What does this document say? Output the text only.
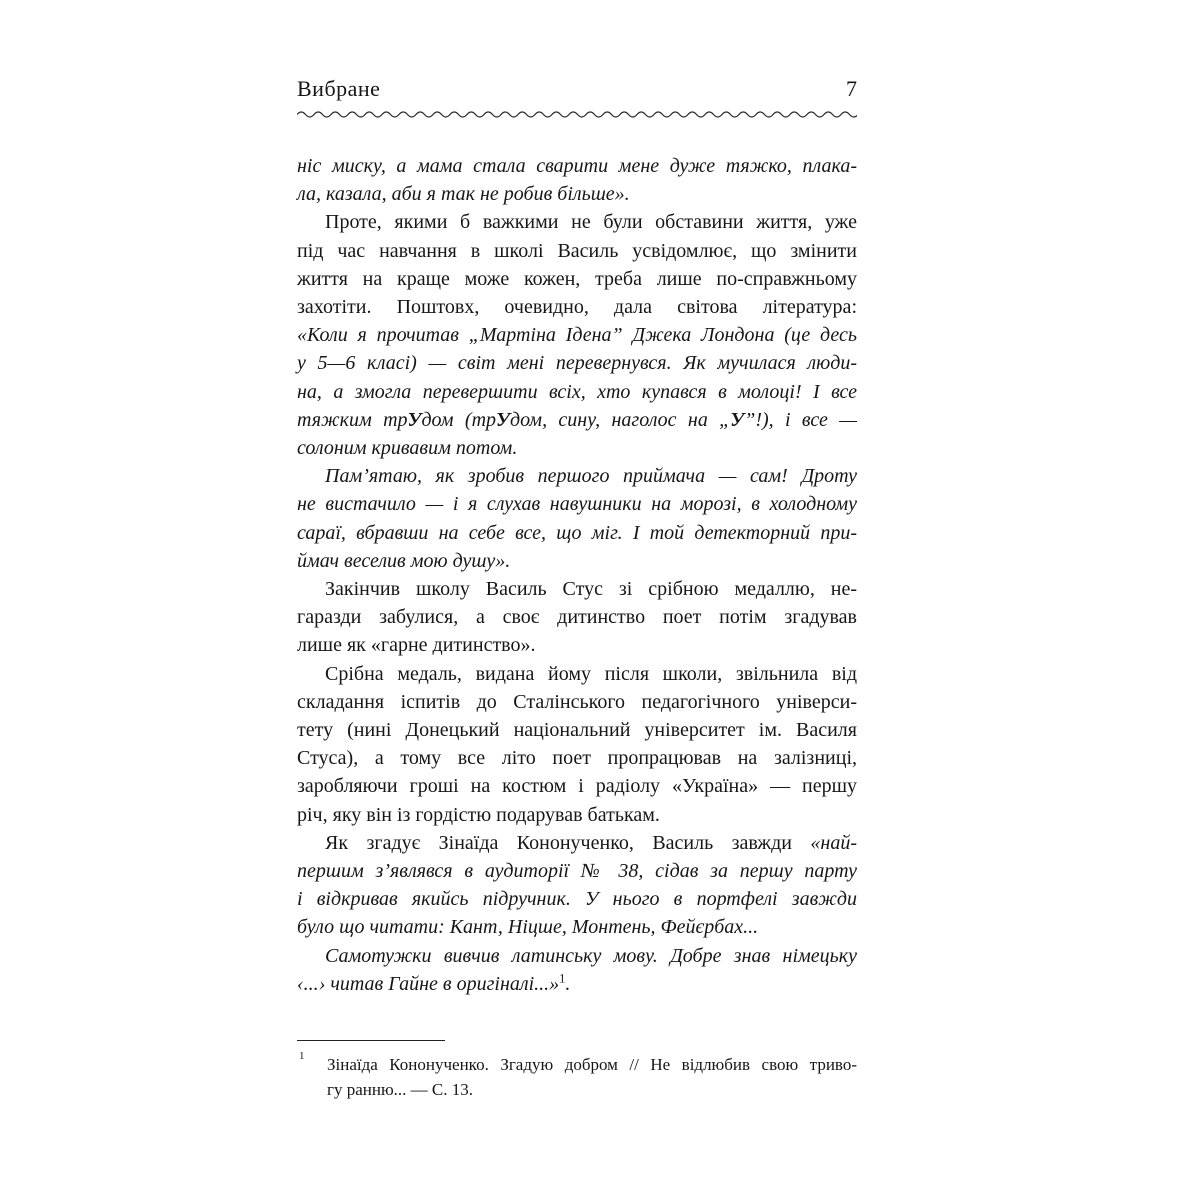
Вибране	7
ніс миску, а мама стала сварити мене дуже тяжко, плака-
ла, казала, аби я так не робив більше».
Проте, якими б важкими не були обставини життя, уже
під час навчання в школі Василь усвідомлює, що змінити
життя на краще може кожен, треба лише по-справжньому
захотіти. Поштовх, очевидно, дала світова література:
«Коли я прочитав „Мартіна Ідена” Джека Лондона (це десь
у 5—6 класі) — світ мені перевернувся. Як мучилася люди-
на, а змогла перевершити всіх, хто купався в молоці! І все
тяжким трУдом (трУдом, сину, наголос на „У”!), і все —
солоним кривавим потом.
Пам’ятаю, як зробив першого приймача — сам! Дроту
не вистачило — і я слухав навушники на морозі, в холодному
сараї, вбравши на себе все, що міг. І той детекторний при-
ймач веселив мою душу».
Закінчив школу Василь Стус зі срібною медаллю, не-
гаразди забулися, а своє дитинство поет потім згадував
лише як «гарне дитинство».
Срібна медаль, видана йому після школи, звільнила від
складання іспитів до Сталінського педагогічного універси-
тету (нині Донецький національний університет ім. Василя
Стуса), а тому все літо поет пропрацював на залізниці,
заробляючи гроші на костюм і радіолу «Україна» — першу
річ, яку він із гордістю подарував батькам.
Як згадує Зінаїда Кононученко, Василь завжди «най-
першим з’являвся в аудиторії № 38, сідав за першу парту
і відкривав якийсь підручник. У нього в портфелі завжди
було що читати: Кант, Ніцше, Монтень, Фейєрбах...
Самотужки вивчив латинську мову. Добре знав німецьку
‹...› читав Гайне в оригіналі...»$^1$.
1 Зінаїда Кононученко. Згадую добром // Не відлюбив свою триво-
гу ранню... — С. 13.
